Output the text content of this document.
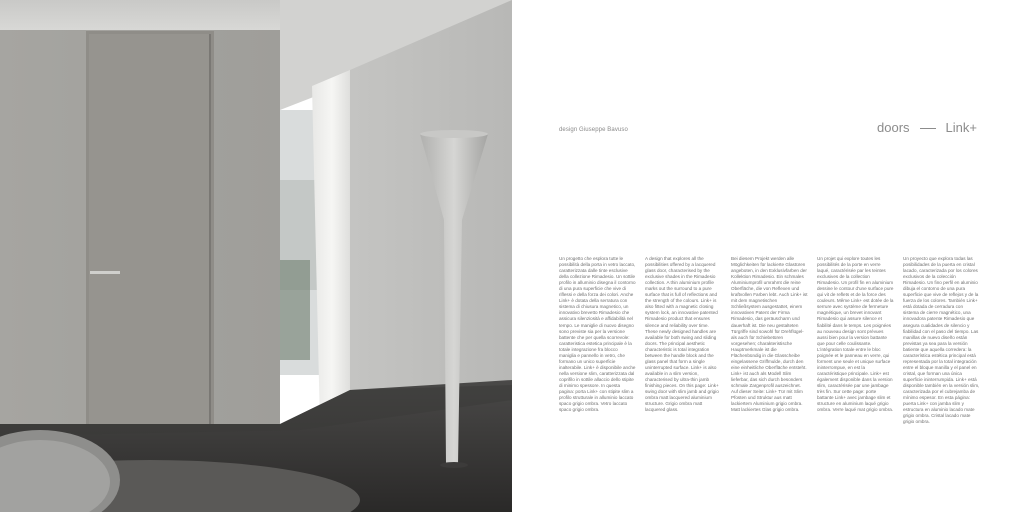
design Giuseppe Bavuso	doors	Link+
Un progetto che esplora tutte le possibilità della porta in vetro laccato, caratterizzata dalle tinte esclusive della collezione Rimadesio. Un sottile profilo in alluminio disegna il contorno di una pura superficie che vive di riflessi e della forza dei colori. Anche Link+ è dotata della serratura con sistema di chiusura magnetico, un innovativo brevetto Rimadesio che assicura silenziosità e affidabilità nel tempo. Le maniglie di nuovo disegno sono previste sia per la versione battente che per quella scorrevole: caratteristica estetica principale è la totale integrazione fra blocco maniglia e pannello in vetro, che formano un unico superficie inalterabile. Link+ è disponibile anche nella versione slim, caratterizzata dal coprifilo in sottile allaccio dello stipite di minimo spessore. In questa pagina: porta Link+ con stipite slim a profilo strutturale in alluminio laccato spaco grigio ombra. Vetro laccato spaco grigio ombra.
A design that explores all the possibilities offered by a lacquered glass door, characterised by the exclusive shades in the Rimadesio collection. A thin aluminium profile marks out the surround to a pure surface that is full of reflections and the strength of the colours. Link+ is also fitted with a magnetic closing system lock, an innovative patented Rimadesio product that ensures silence and reliability over time. These newly designed handles are available for both swing and sliding doors. The principal aesthetic characteristic is total integration between the handle block and the glass panel that form a single uninterrupted surface. Link+ is also available in a slim version, characterised by ultra-thin jamb finishing pieces. On this page: Link+ swing door with slim jamb and grigio ombra matt lacquered aluminium structure. Grigio ombra matt lacquered glass.
Bei diesem Projekt werden alle Möglichkeiten für lackierte Glastüren angeboten, in den Exklusivfarben der Kollektion Rimadesio. Ein schmales Aluminiumprofil umrahmt die reine Oberfläche, die von Reflexen und kraftvollen Farben lebt. Auch Link+ ist mit dem magnetischen Schließsystem ausgestattet, einem innovativen Patent der Firma Rimadesio, das geräuscharm und dauerhaft ist. Die neu gestalteten Türgriffe sind sowohl für Drehflügel- als auch für Schiebetüren vorgesehen; charakteristische Hauptmerkmale ist die Flächenbündig in die Glasscheibe eingelassene Griffmulde, durch den eine einheitliche Oberfläche entsteht. Link+ ist auch als Modell Slim lieferbar, das sich durch besonders schmale Zargenprofil auszeichnet. Auf dieser Seite: Link+ Tür mit Slim Pfosten und Struktur aus matt lackiertem Aluminium grigio ombra. Matt lackiertes Glas grigio ombra.
Un projet qui explore toutes les possibilités de la porte en verre laqué, caractérisée par les teintes exclusives de la collection Rimadesio. Un profil fin en aluminium dessine le contour d'une surface pure qui vit de reflets et de la force des couleurs. Même Link+ est dotée de la serrure avec système de fermeture magnétique, un brevet innovant Rimadesio qui assure silence et fiabilité dans le temps. Les poignées au nouveau design sont prévues aussi bien pour la version battante que pour celle coulissante. L'intégration totale entre le bloc poignée et le panneau en verre, qui forment une seule et unique surface ininterrompue, en est la caractéristique principale. Link+ est également disponible dans la version slim, caractérisée par une jambage très fin. Sur cette page: porte battante Link+ avec jambage slim et structure en aluminium laqué grigio ombra. Verre laqué mat grigio ombra.
Un proyecto que explora todas las posibilidades de la puerta en cristal lacado, caracterizada por los colores exclusivos de la colección Rimadesio. Un fino perfil en aluminio dibuja el contorno de una pura superficie que vive de reflejos y de la fuerza de los colores. También Link+ está dotada de cerradura con sistema de cierre magnético, una innovadora patente Rimadesio que asegura cualidades de silencio y fiabilidad con el paso del tiempo. Las manillas de nuevo diseño están previstas ya sea para la versión batiente que aquella corredera: la característica estética principal está representada por la total integración entre el bloque manilla y el panel en cristal, que forman una única superficie ininterrumpida. Link+ está disponible también en la versión slim, caracterizada por el cubrejamba de mínimo espesor. En esta página: puerta Link+ con jamba slim y estructura en aluminio lacado mate grigio ombra. Cristal lacado mate grigio ombra.
